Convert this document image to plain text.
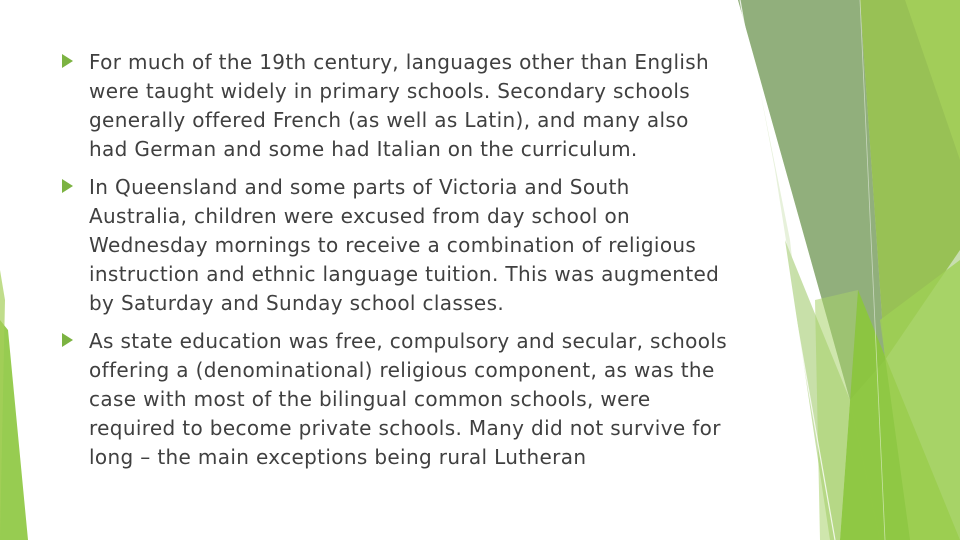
For much of the 19th century, languages other than English were taught widely in primary schools. Secondary schools generally offered French (as well as Latin), and many also had German and some had Italian on the curriculum.
In Queensland and some parts of Victoria and South Australia, children were excused from day school on Wednesday mornings to receive a combination of religious instruction and ethnic language tuition. This was augmented by Saturday and Sunday school classes.
As state education was free, compulsory and secular, schools offering a (denominational) religious component, as was the case with most of the bilingual common schools, were required to become private schools. Many did not survive for long – the main exceptions being rural Lutheran
